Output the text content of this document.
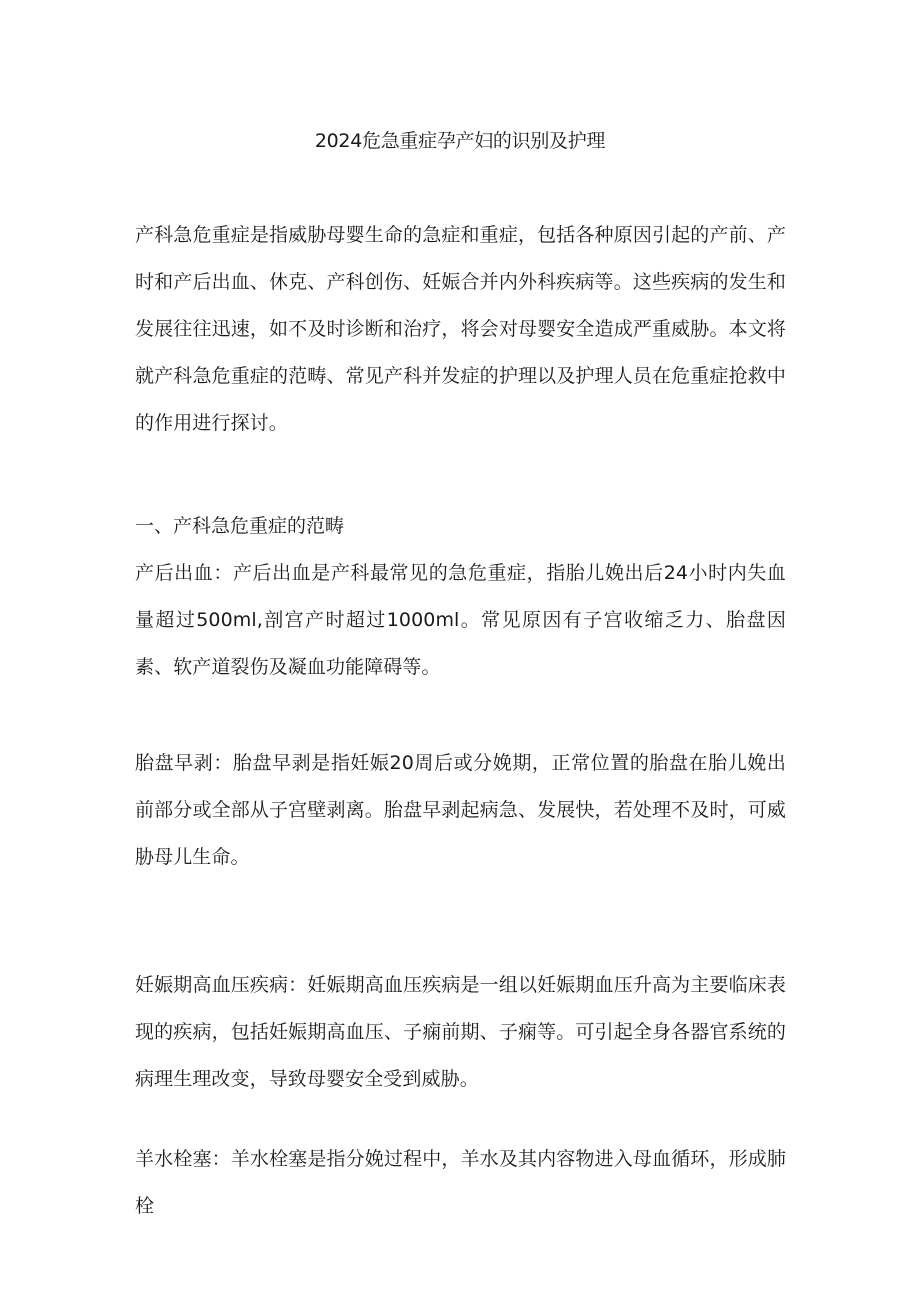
2024危急重症孕产妇的识别及护理

产科急危重症是指威胁母婴生命的急症和重症，包括各种原因引起的产前、产时和产后出血、休克、产科创伤、妊娠合并内外科疾病等。这些疾病的发生和发展往往迅速，如不及时诊断和治疗，将会对母婴安全造成严重威胁。本文将就产科急危重症的范畴、常见产科并发症的护理以及护理人员在危重症抢救中的作用进行探讨。

一、产科急危重症的范畴

产后出血：产后出血是产科最常见的急危重症，指胎儿娩出后24小时内失血量超过500ml,剖宫产时超过1000ml。常见原因有子宫收缩乏力、胎盘因素、软产道裂伤及凝血功能障碍等。

胎盘早剥：胎盘早剥是指妊娠20周后或分娩期，正常位置的胎盘在胎儿娩出前部分或全部从子宫壁剥离。胎盘早剥起病急、发展快，若处理不及时，可威胁母儿生命。

妊娠期高血压疾病：妊娠期高血压疾病是一组以妊娠期血压升高为主要临床表现的疾病，包括妊娠期高血压、子痫前期、子痫等。可引起全身各器官系统的病理生理改变，导致母婴安全受到威胁。

羊水栓塞：羊水栓塞是指分娩过程中，羊水及其内容物进入母血循环，形成肺栓
